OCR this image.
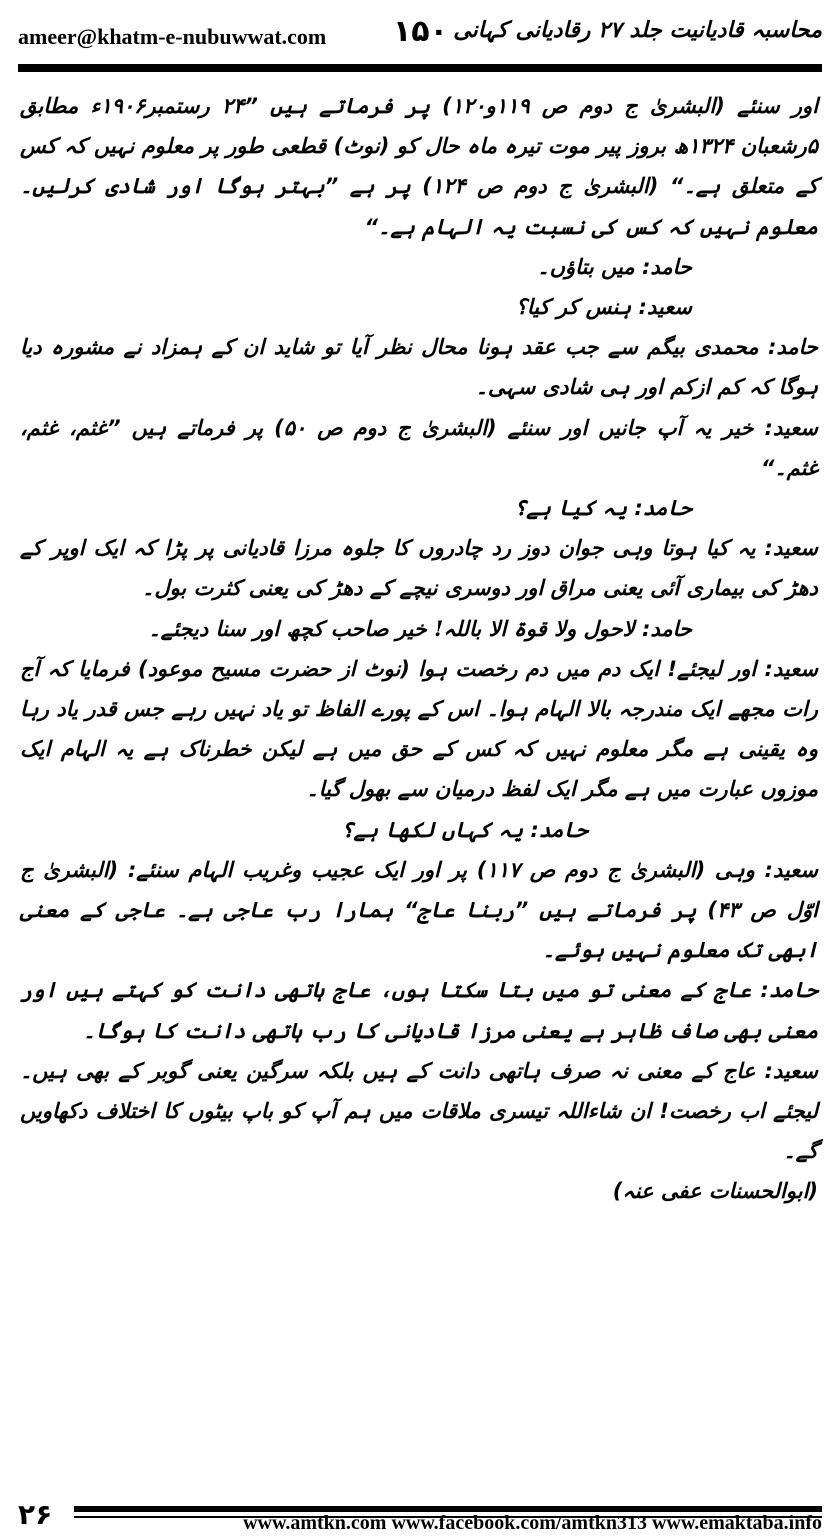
ameer@khatm-e-nubuwwat.com ۱۵۰ محاسبہ قادیانیت جلد ۲۷ رقادیانی کہانی

اور سنئے (البشریٰ ج دوم ص ۱۱۹و۱۲۰) پر فرماتے ہیں ”۲۴ رستمبر۱۹۰۶ء مطابق ۵رشعبان ۱۳۲۴ھ بروز پیر موت تیرہ ماہ حال کو (نوٹ) قطعی طور پر معلوم نہیں کہ کس کے متعلق ہے۔“ (البشریٰ ج دوم ص ۱۲۴) پر ہے ”بہتر ہوگا اور شادی کرلیں۔ معلوم نہیں کہ کس کی نسبت یہ الہام ہے۔“

حامد: میں بتاؤں۔

سعید: ہنس کر کیا؟

حامد: محمدی بیگم سے جب عقد ہونا محال نظر آیا تو شاید ان کے ہمزاد نے مشورہ دیا ہوگا کہ کم ازکم اور ہی شادی سہی۔

سعید: خیر یہ آپ جانیں اور سنئے (البشریٰ ج دوم ص ۵۰) پر فرماتے ہیں ”غثم، غثم، غثم۔“

حامد: یہ کیا ہے؟

سعید: یہ کیا ہوتا وہی جوان دوز رد چادروں کا جلوہ مرزا قادیانی پر پڑا کہ ایک اوپر کے دھڑ کی بیماری آئی یعنی مراق اور دوسری نیچے کے دھڑ کی یعنی کثرت بول۔

حامد: لاحول ولا قوۃ الا باللہ! خیر صاحب کچھ اور سنا دیجئے۔

سعید: اور لیجئے! ایک دم میں دم رخصت ہوا (نوٹ از حضرت مسیح موعود) فرمایا کہ آج رات مجھے ایک مندرجہ بالا الہام ہوا۔ اس کے پورے الفاظ تو یاد نہیں رہے جس قدر یاد رہا وہ یقینی ہے مگر معلوم نہیں کہ کس کے حق میں ہے لیکن خطرناک ہے یہ الہام ایک موزوں عبارت میں ہے مگر ایک لفظ درمیان سے بھول گیا۔

حامد: یہ کہاں لکھا ہے؟

سعید: وہی (البشریٰ ج دوم ص ۱۱۷) پر اور ایک عجیب وغریب الہام سنئے: (البشریٰ ج اوّل ص ۴۳) پر فرماتے ہیں ”ربنا عاج“ ہمارا رب عاجی ہے۔ عاجی کے معنی ابھی تک معلوم نہیں ہوئے۔

حامد: عاج کے معنی تو میں بتا سکتا ہوں، عاج ہاتھی دانت کو کہتے ہیں اور معنی بھی صاف ظاہر ہے یعنی مرزا قادیانی کا رب ہاتھی دانت کا ہوگا۔

سعید: عاج کے معنی نہ صرف ہاتھی دانت کے ہیں بلکہ سرگین یعنی گوبر کے بھی ہیں۔ لیجئے اب رخصت! ان شاءاللہ تیسری ملاقات میں ہم آپ کو باپ بیٹوں کا اختلاف دکھاویں گے۔

(ابوالحسنات عفی عنہ)

۲۶	www.amtkn.com www.facebook.com/amtkn313 www.emaktaba.info
